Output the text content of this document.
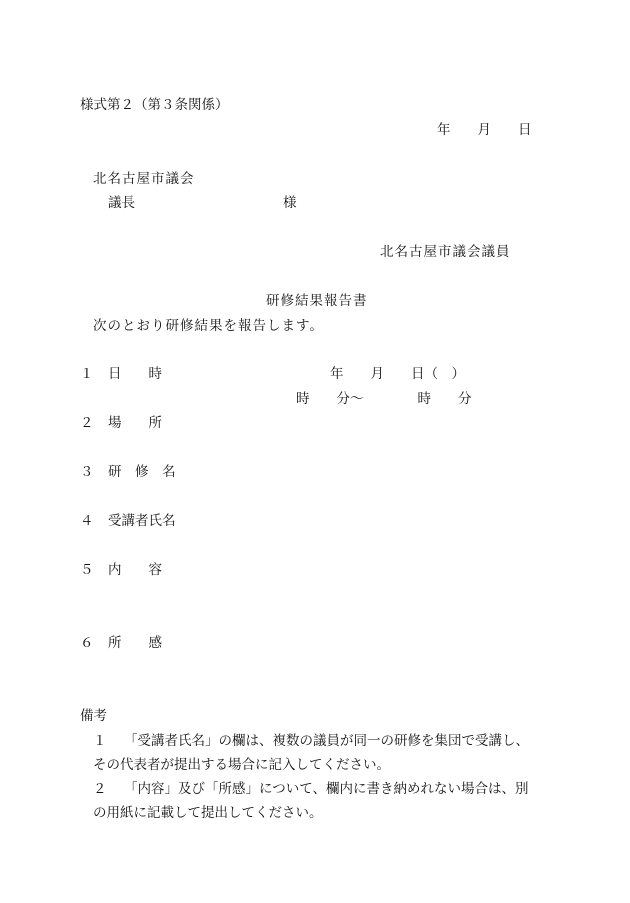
様式第２（第３条関係）
年　　月　　日
北名古屋市議会
議長	様
北名古屋市議会議員
研修結果報告書
次のとおり研修結果を報告します。
１ 日　　時	年　　月　　日（　）
時　　分～　　　　時　　分
２ 場　　所
３ 研　修　名
４ 受講者氏名
５ 内　　容
６ 所　　感
備考
１ 「受講者氏名」の欄は、複数の議員が同一の研修を集団で受講し、
その代表者が提出する場合に記入してください。
２ 「内容」及び「所感」について、欄内に書き納めれない場合は、別
の用紙に記載して提出してください。
